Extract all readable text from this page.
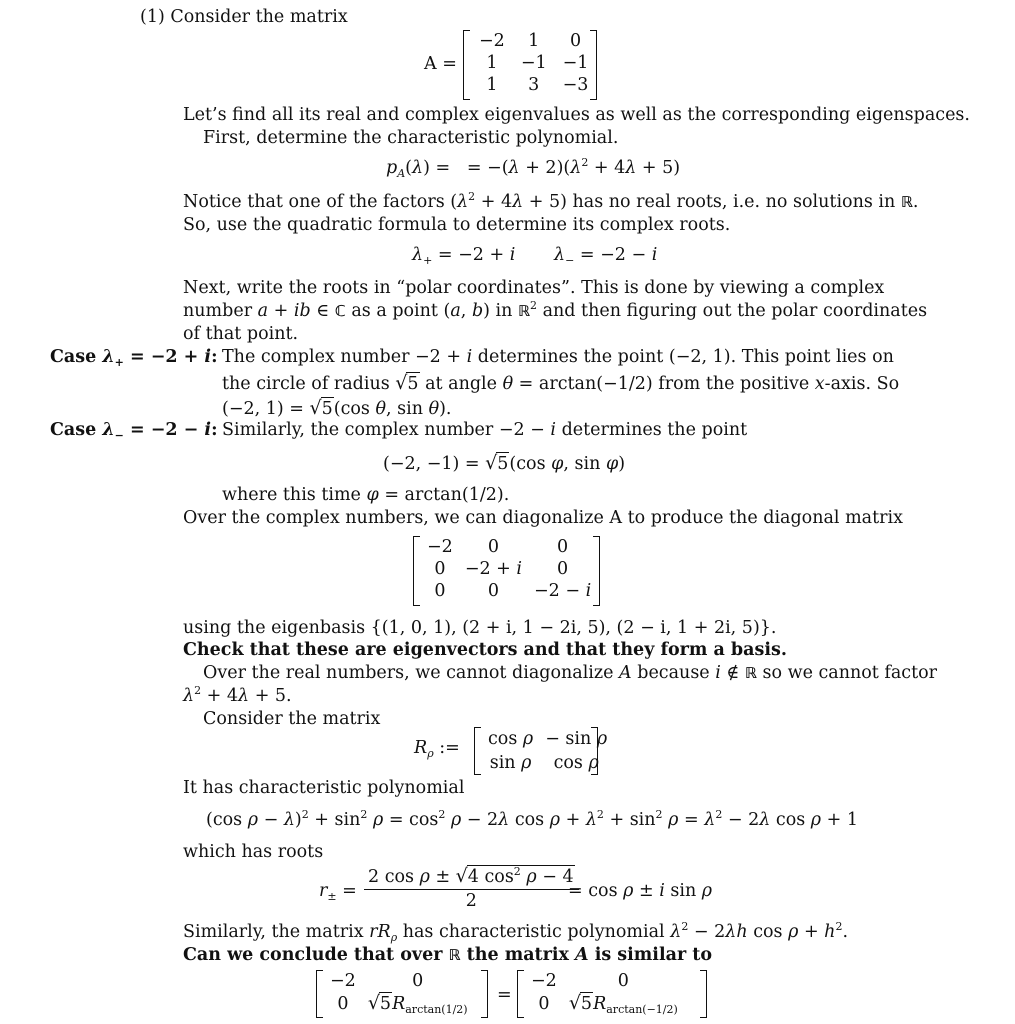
(1) Consider the matrix
A =
−2	1	0
1	−1	−1
1	3	−3
Let’s find all its real and complex eigenvalues as well as the corresponding eigenspaces.
First, determine the characteristic polynomial.
$p_A(\lambda)$ =   = $-(\lambda + 2)(\lambda^2 + 4\lambda + 5)$
Notice that one of the factors $(\lambda^2 + 4\lambda + 5)$ has no real roots, i.e. no solutions in ℝ.
So, use the quadratic formula to determine its complex roots.
$\lambda_+ = -2 + i$ $\lambda_- = -2 - i$
Next, write the roots in “polar coordinates”. This is done by viewing a complex
number a + ib ∈ ℂ as a point (a, b) in ℝ$^2$ and then figuring out the polar coordinates
of that point.
Case $\lambda_+ = -2 + i$: The complex number −2 + i determines the point (−2, 1). This point lies on
the circle of radius √5 at angle θ = arctan(−1/2) from the positive x-axis. So
(−2, 1) = √5(cos θ, sin θ).
Case $\lambda_- = -2 - i$: Similarly, the complex number −2 − i determines the point
(−2, −1) = √5(cos φ, sin φ)
where this time φ = arctan(1/2).
Over the complex numbers, we can diagonalize A to produce the diagonal matrix
−2	0	0
0	−2 + i	0
0	0	−2 − i
using the eigenbasis {(1, 0, 1), (2 + i, 1 − 2i, 5), (2 − i, 1 + 2i, 5)}.
Check that these are eigenvectors and that they form a basis.
Over the real numbers, we cannot diagonalize A because i ∉ ℝ so we cannot factor
$\lambda^2 + 4\lambda + 5$.
Consider the matrix
$R_\rho$ := cos ρ	− sin ρ
sin ρ	cos ρ
It has characteristic polynomial
(cos $\rho - \lambda)^2 + \sin^2 \rho = \cos^2 \rho - 2\lambda$ $\cos \rho + \lambda^2 + \sin^2 \rho = \lambda^2 - 2\lambda$ cos ρ + 1
which has roots
$r_\pm = \frac{2 \cos \rho \pm √4 \cos^2 \rho - 4}{2}$
= cos ρ ± i sin ρ
Similarly, the matrix $rR_\rho$ has characteristic polynomial $\lambda^2 - 2\lambda h$ $\cos \rho + h^2$.
Can we conclude that over ℝ the matrix A is similar to
−2	0
0	$√5R_{arctan(1/2)}$
=
−2	0
0	$√5R_{arctan(-1/2)}$
